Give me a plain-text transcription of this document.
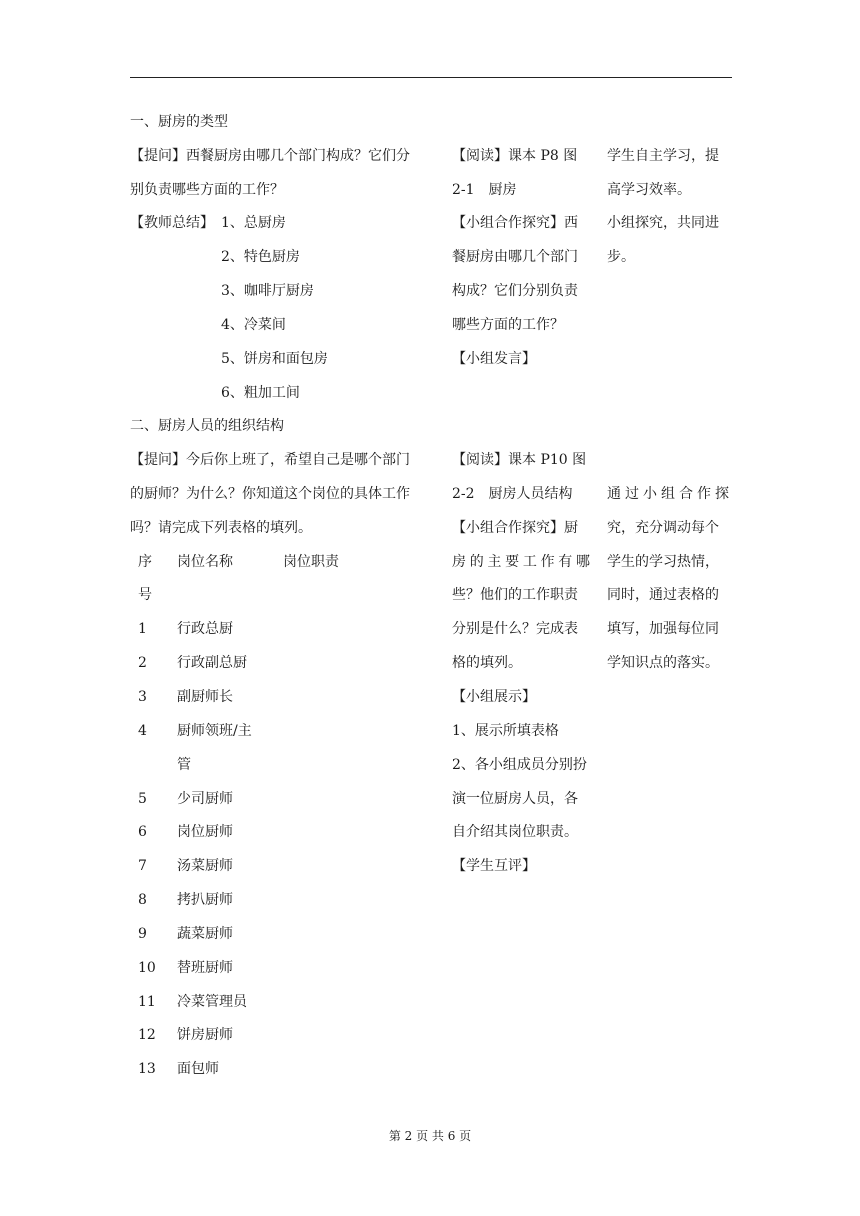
一、厨房的类型
【提问】西餐厨房由哪几个部门构成？它们分
别负责哪些方面的工作？
【教师总结】 1、总厨房
2、特色厨房
3、咖啡厅厨房
4、冷菜间
5、饼房和面包房
6、粗加工间
【阅读】课本 P8 图
2-1　厨房
【小组合作探究】西
餐厨房由哪几个部门
构成？它们分别负责
哪些方面的工作？
【小组发言】
学生自主学习，提
高学习效率。
小组探究，共同进
步。
二、厨房人员的组织结构
【提问】今后你上班了，希望自己是哪个部门
的厨师？为什么？你知道这个岗位的具体工作
吗？请完成下列表格的填列。
序
号
岗位名称	岗位职责
1 行政总厨
2 行政副总厨
3 副厨师长
4 厨师领班/主
管
5 少司厨师
6 岗位厨师
7 汤菜厨师
8 拷扒厨师
9 蔬菜厨师
10 替班厨师
11 冷菜管理员
12 饼房厨师
13 面包师
【阅读】课本 P10 图
2-2　厨房人员结构
【小组合作探究】厨
房的主要工作有哪
些？他们的工作职责
分别是什么？完成表
格的填列。
【小组展示】
1、展示所填表格
2、各小组成员分别扮
演一位厨房人员，各
自介绍其岗位职责。
【学生互评】
通过小组合作探
究，充分调动每个
学生的学习热情，
同时，通过表格的
填写，加强每位同
学知识点的落实。
第 2 页 共 6 页
